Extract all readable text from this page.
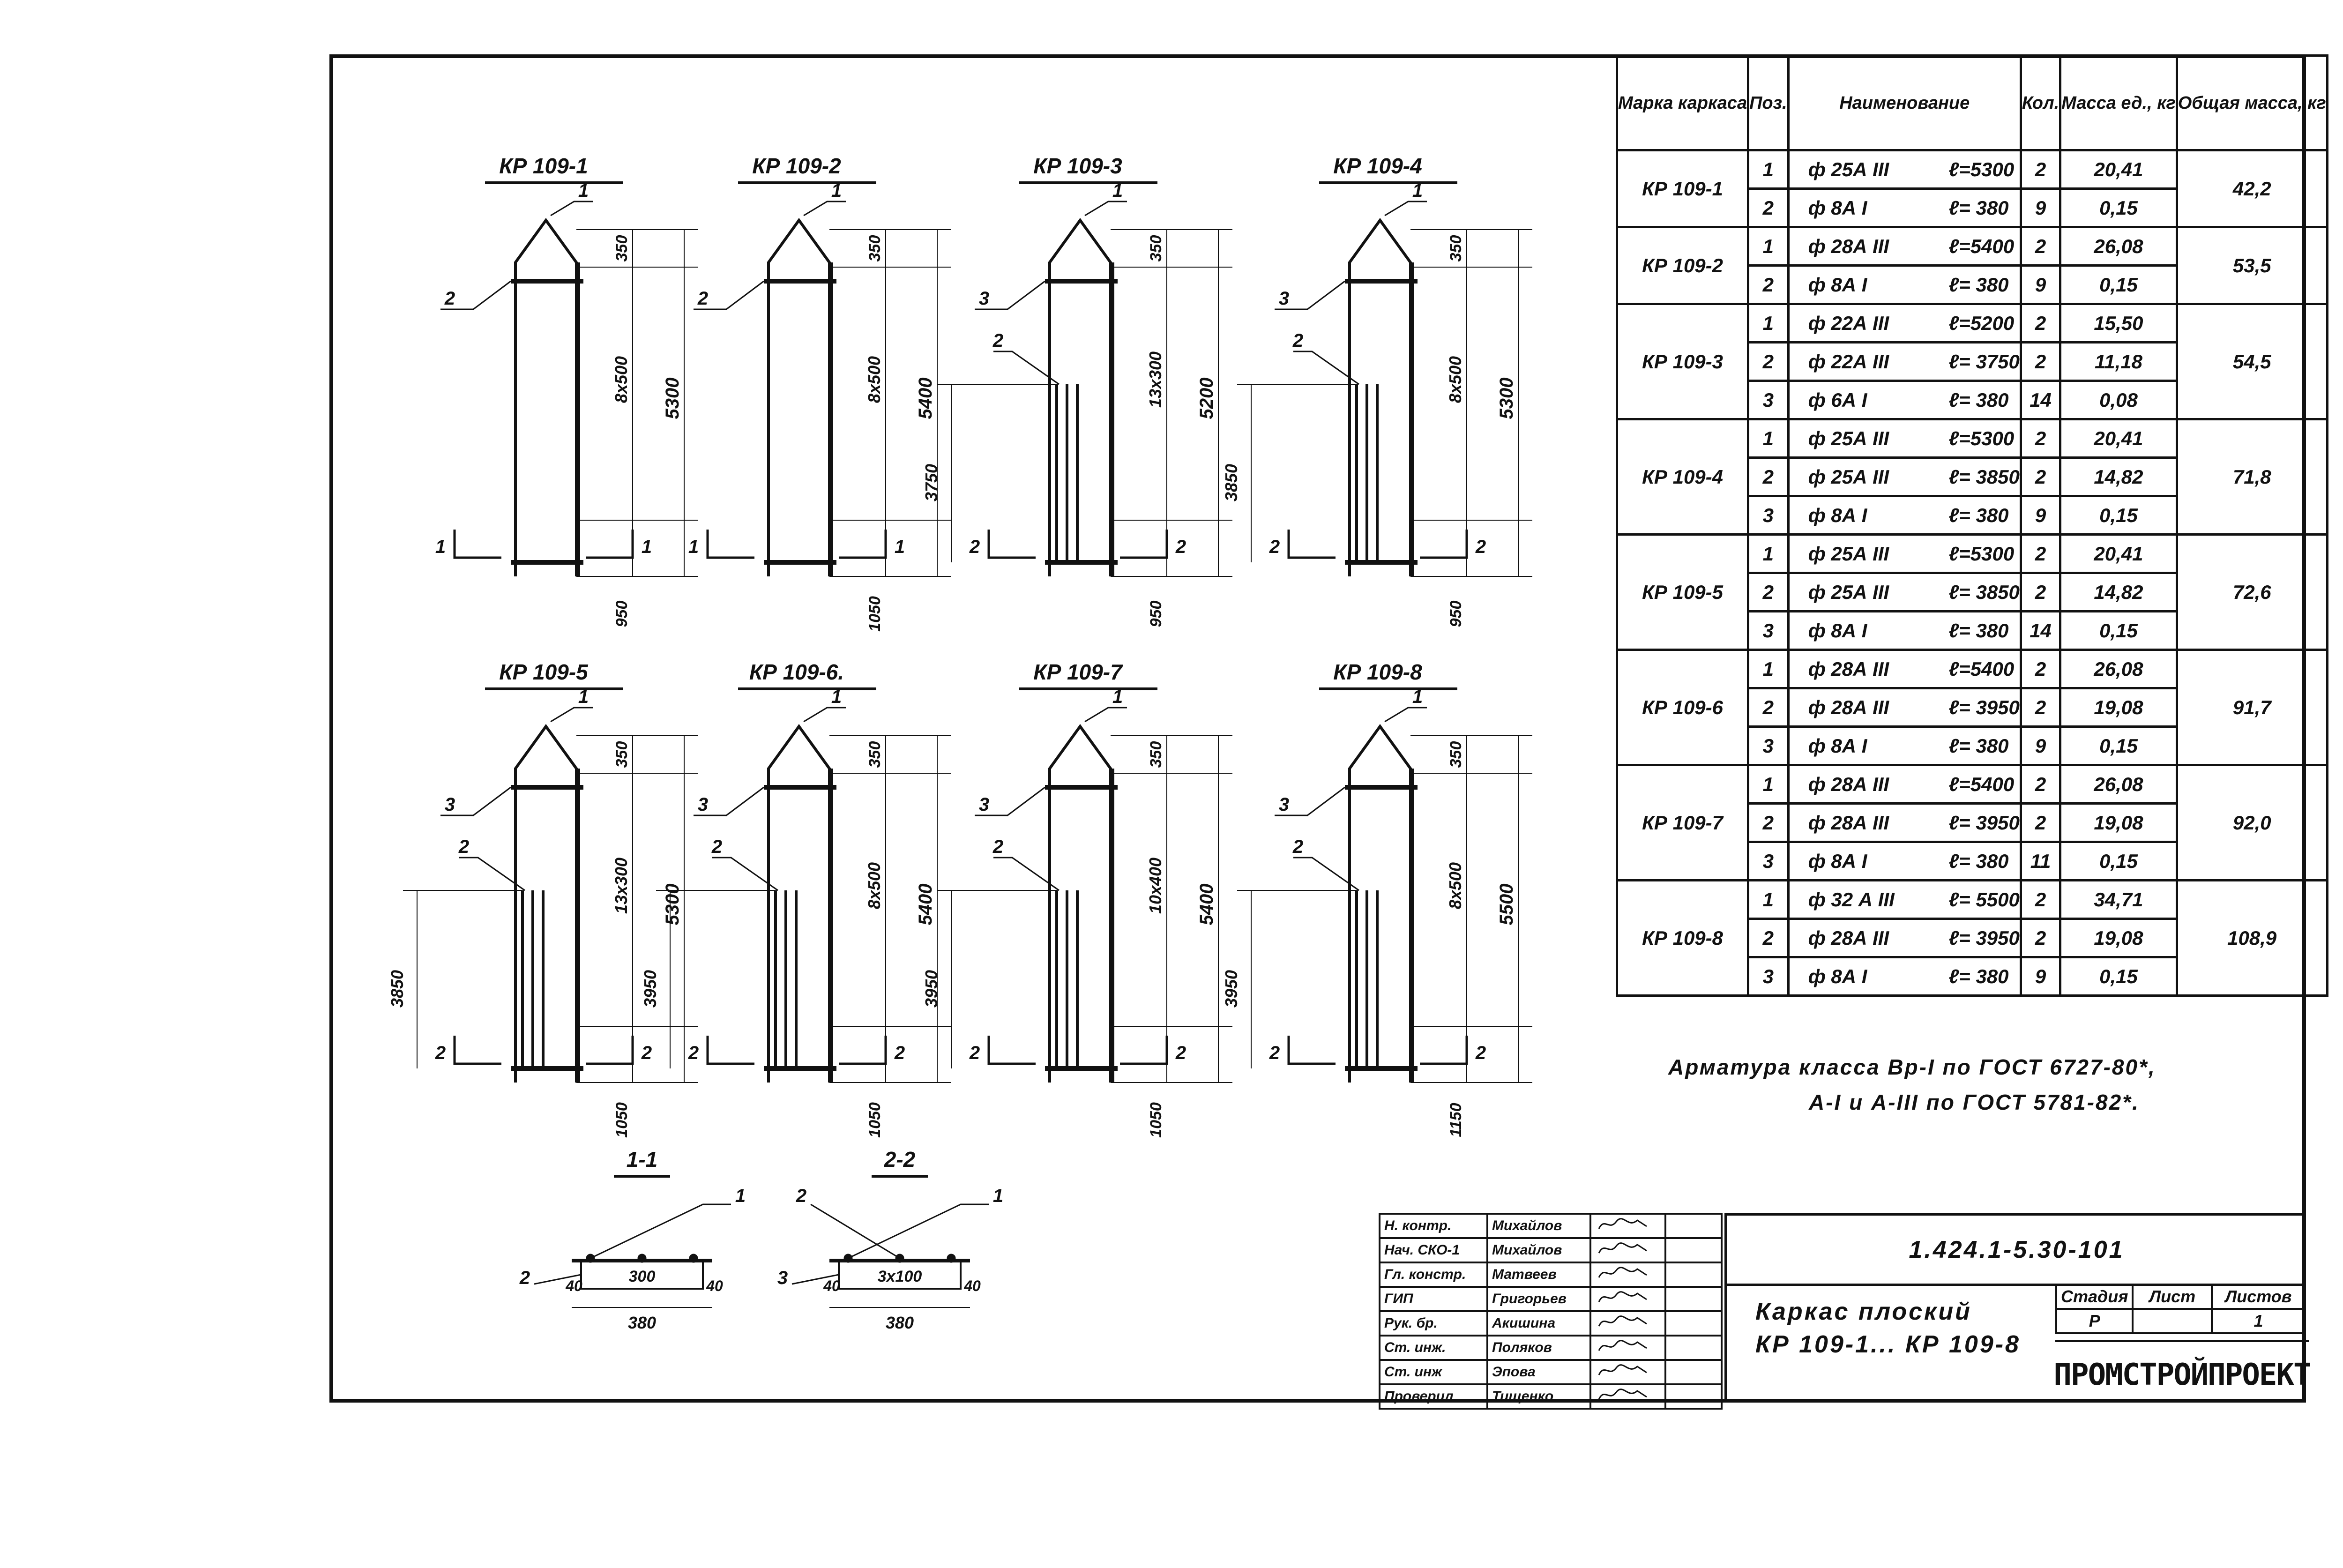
КР 109-1
350
8x500 5300
950
1
2
1	1
КР 109-2
350
8x500 5400
1050
1
2
1	1
КР 109-3
3750
350
13x300 5200
950
1
3
2
2	2
КР 109-4
3850
350
8x500 5300
950
1
3
2
2	2
КР 109-5
3850
350
13x300 5300
1050
1
3
2
2	2
КР 109-6.
3950
350
8x500 5400
1050
1
3
2
2	2
КР 109-7
3950
350
10x400 5400
1050
1
3
2
2	2
КР 109-8
3950
350
8x500 5500
1150
1
3
2
2	2
1-1
40
300
40
380
1
2
2-2
40
3x100
40
380
1
3
2
Марка каркаса	Поз.	Наименование	Кол.	Масса ед., кг	Общая масса, кг
КР 109-1	1	ф 25А III ℓ=5300	2	20,41	42,2
	2	ф 8А I ℓ= 380	9	0,15	
КР 109-2	1	ф 28А III ℓ=5400	2	26,08	53,5
	2	ф 8А I ℓ= 380	9	0,15	
КР 109-3	1	ф 22А III ℓ=5200	2	15,50	54,5
	2	ф 22А III ℓ= 3750	2	11,18	
	3	ф 6А I ℓ= 380	14	0,08	
КР 109-4	1	ф 25А III ℓ=5300	2	20,41	71,8
	2	ф 25А III ℓ= 3850	2	14,82	
	3	ф 8А I ℓ= 380	9	0,15	
КР 109-5	1	ф 25А III ℓ=5300	2	20,41	72,6
	2	ф 25А III ℓ= 3850	2	14,82	
	3	ф 8А I ℓ= 380	14	0,15	
КР 109-6	1	ф 28А III ℓ=5400	2	26,08	91,7
	2	ф 28А III ℓ= 3950	2	19,08	
	3	ф 8А I ℓ= 380	9	0,15	
КР 109-7	1	ф 28А III ℓ=5400	2	26,08	92,0
	2	ф 28А III ℓ= 3950	2	19,08	
	3	ф 8А I ℓ= 380	11	0,15	
КР 109-8	1	ф 32 А III ℓ= 5500	2	34,71	108,9
	2	ф 28А III ℓ= 3950	2	19,08	
	3	ф 8А I ℓ= 380	9	0,15	
Арматура класса Вр-I по ГОСТ 6727-80*,
А-I и А-III по ГОСТ 5781-82*.
Н. контр.	Михайлов		
Нач. СКО-1	Михайлов		
Гл. констр.	Матвеев		
ГИП	Григорьев		
Рук. бр.	Акишина		
Ст. инж.	Поляков		
Ст. инж	Эпова		
Проверил	Тищенко		
1.424.1-5.30-101
Каркас плоский
КР 109-1... КР 109-8
Стадия	Лист	Листов
Р		1
ПРОМСТРОЙПРОЕКТ
